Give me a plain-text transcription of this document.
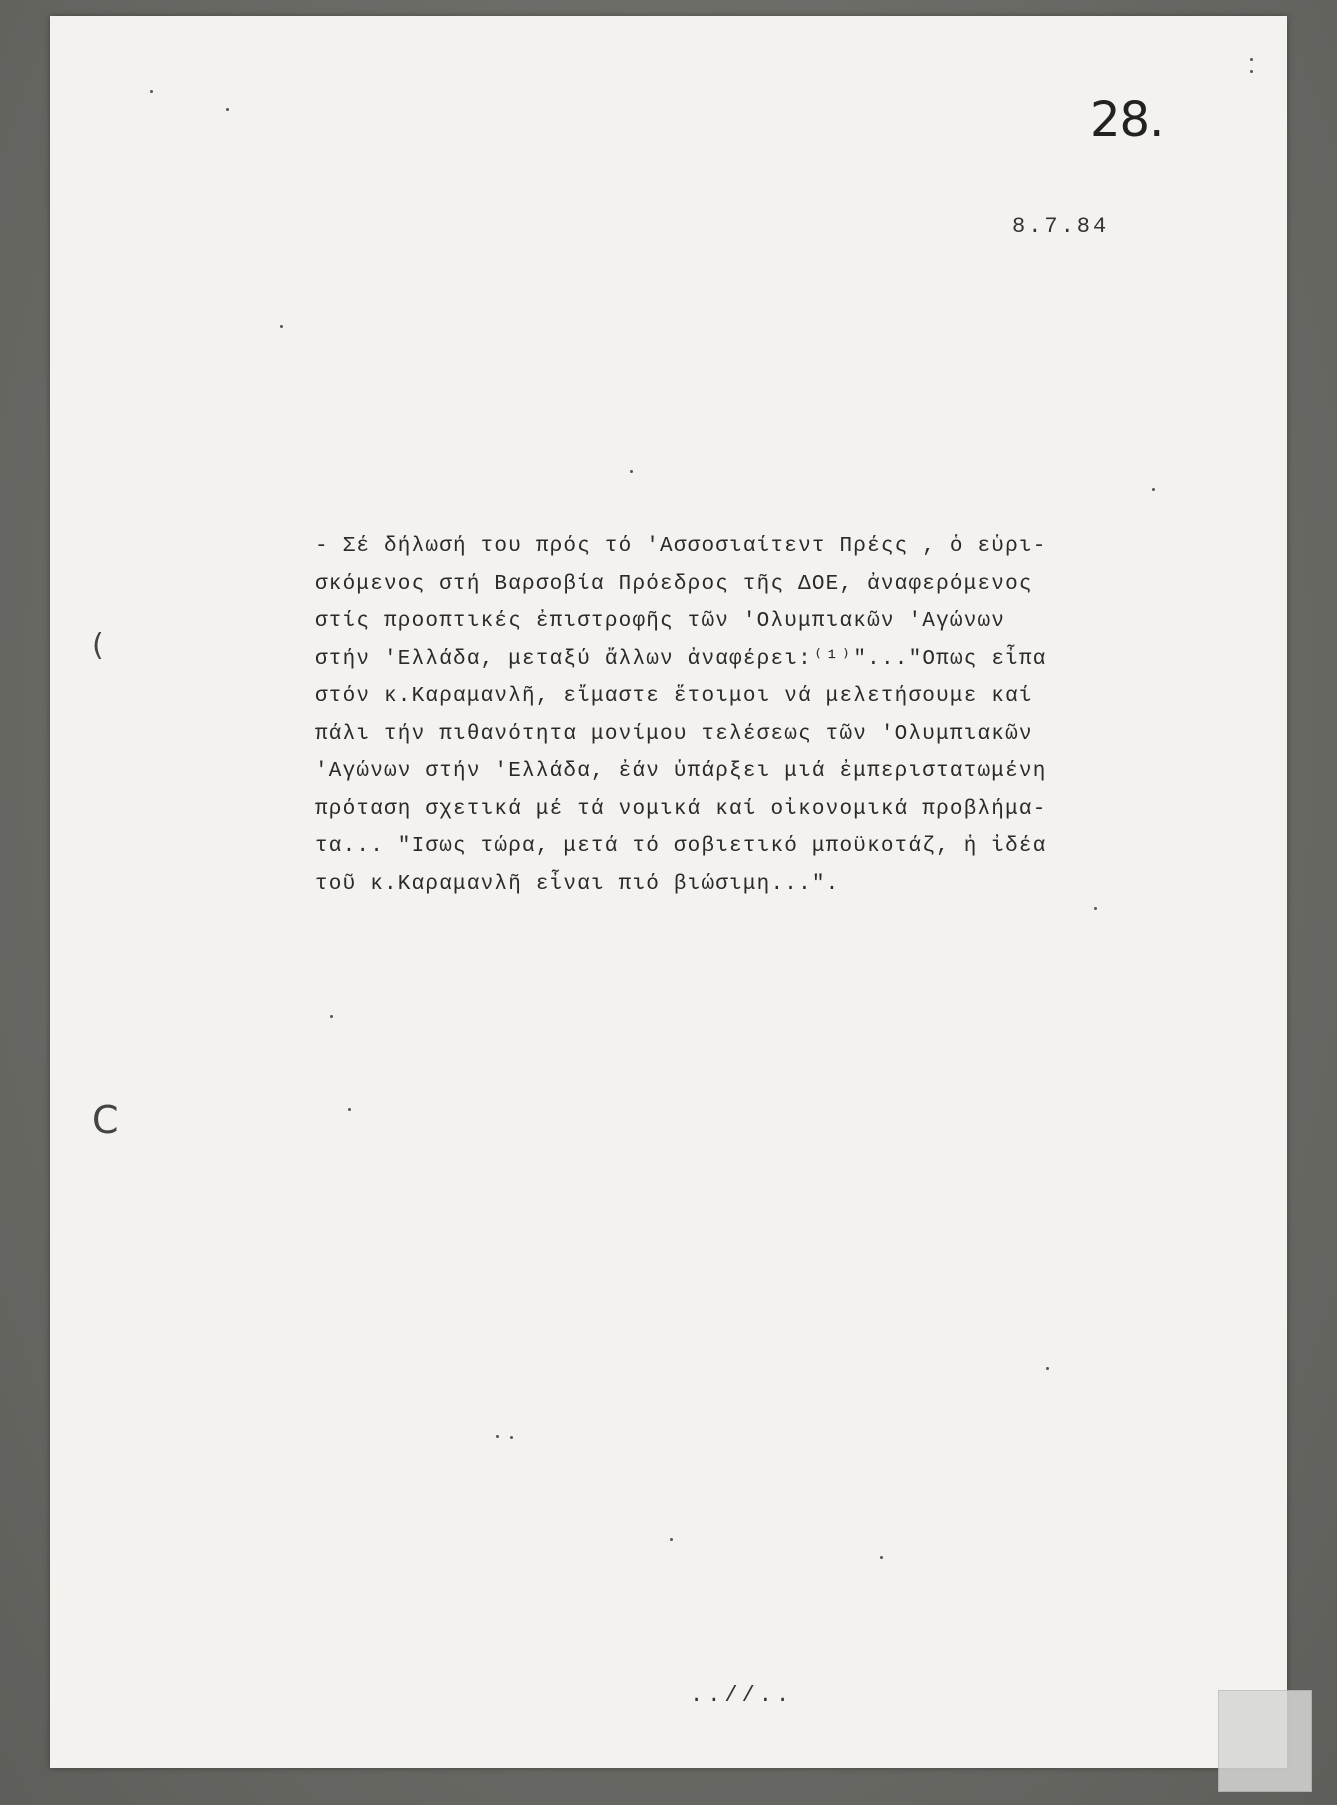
28.
8.7.84
- Σέ δήλωσή του πρός τό 'Ασσοσιαίτεντ Πρέςς , ὁ εὑρι-
σκόμενος στή Βαρσοβία Πρόεδρος τῆς ΔΟΕ, ἀναφερόμενος
στίς προοπτικές ἐπιστροφῆς τῶν 'Ολυμπιακῶν 'Αγώνων
στήν 'Ελλάδα, μεταξύ ἄλλων ἀναφέρει:⁽¹⁾"..."Οπως εἶπα
στόν κ.Καραμανλῆ, εἴμαστε ἕτοιμοι νά μελετήσουμε καί
πάλι τήν πιθανότητα μονίμου τελέσεως τῶν 'Ολυμπιακῶν
'Αγώνων στήν 'Ελλάδα, ἐάν ὑπάρξει μιά ἐμπεριστατωμένη
πρόταση σχετικά μέ τά νομικά καί οἰκονομικά προβλήμα-
τα... "Ισως τώρα, μετά τό σοβιετικό μποϋκοτάζ, ἡ ἰδέα
τοῦ κ.Καραμανλῆ εἶναι πιό βιώσιμη...".
..//..
(
C
